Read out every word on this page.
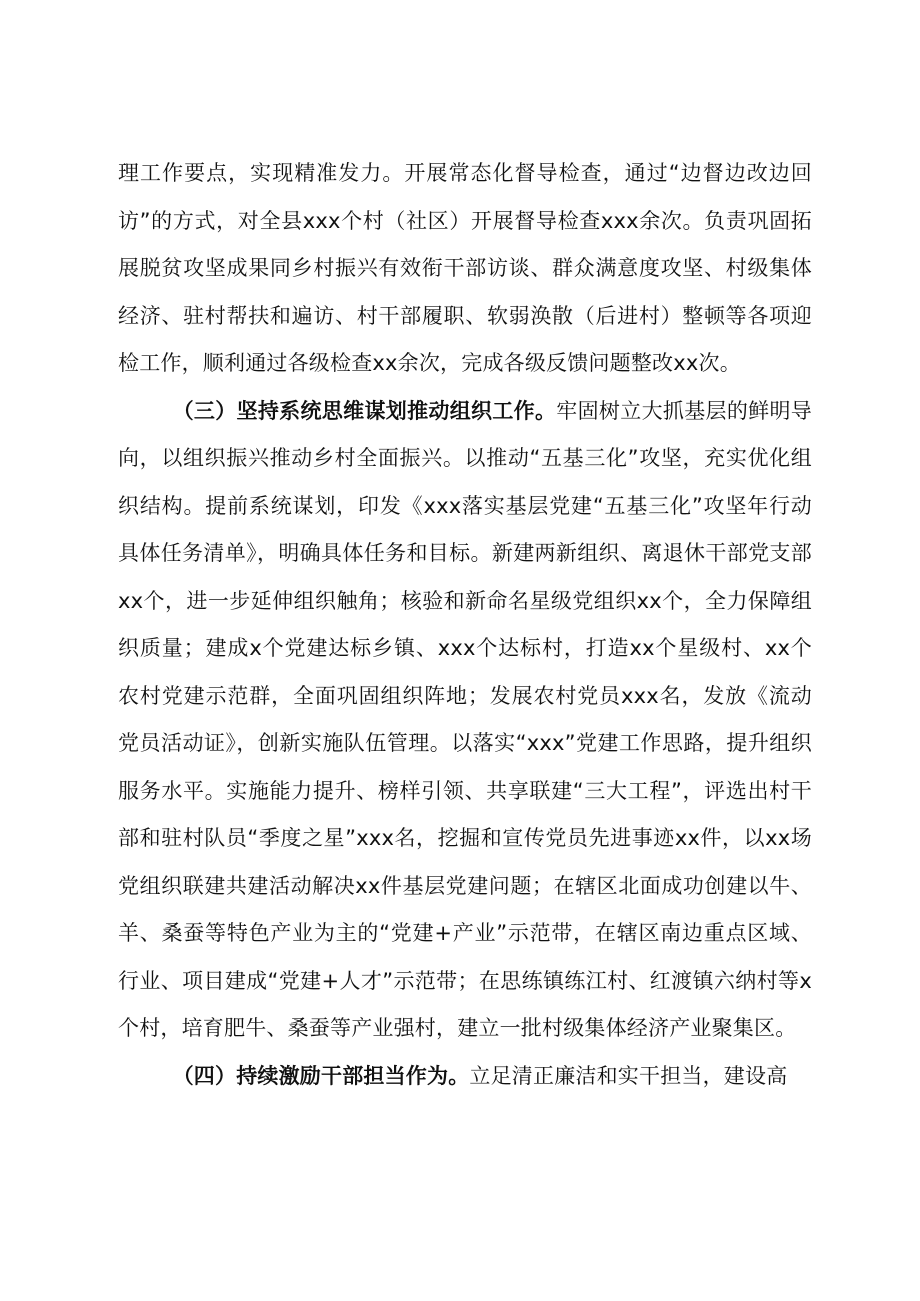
理工作要点，实现精准发力。开展常态化督导检查，通过“边督边改边回访”的方式，对全县xxx个村（社区）开展督导检查xxx余次。负责巩固拓展脱贫攻坚成果同乡村振兴有效衔干部访谈、群众满意度攻坚、村级集体经济、驻村帮扶和遍访、村干部履职、软弱涣散（后进村）整顿等各项迎检工作，顺利通过各级检查xx余次，完成各级反馈问题整改xx次。

（三）坚持系统思维谋划推动组织工作。牢固树立大抓基层的鲜明导向，以组织振兴推动乡村全面振兴。以推动“五基三化”攻坚，充实优化组织结构。提前系统谋划，印发《xxx落实基层党建“五基三化”攻坚年行动具体任务清单》，明确具体任务和目标。新建两新组织、离退休干部党支部xx个，进一步延伸组织触角；核验和新命名星级党组织xx个，全力保障组织质量；建成x个党建达标乡镇、xxx个达标村，打造xx个星级村、xx个农村党建示范群，全面巩固组织阵地；发展农村党员xxx名，发放《流动党员活动证》，创新实施队伍管理。以落实“xxx”党建工作思路，提升组织服务水平。实施能力提升、榜样引领、共享联建“三大工程”，评选出村干部和驻村队员“季度之星”xxx名，挖掘和宣传党员先进事迹xx件，以xx场党组织联建共建活动解决xx件基层党建问题；在辖区北面成功创建以牛、羊、桑蚕等特色产业为主的“党建+产业”示范带，在辖区南边重点区域、行业、项目建成“党建+人才”示范带；在思练镇练江村、红渡镇六纳村等x个村，培育肥牛、桑蚕等产业强村，建立一批村级集体经济产业聚集区。

（四）持续激励干部担当作为。立足清正廉洁和实干担当，建设高
